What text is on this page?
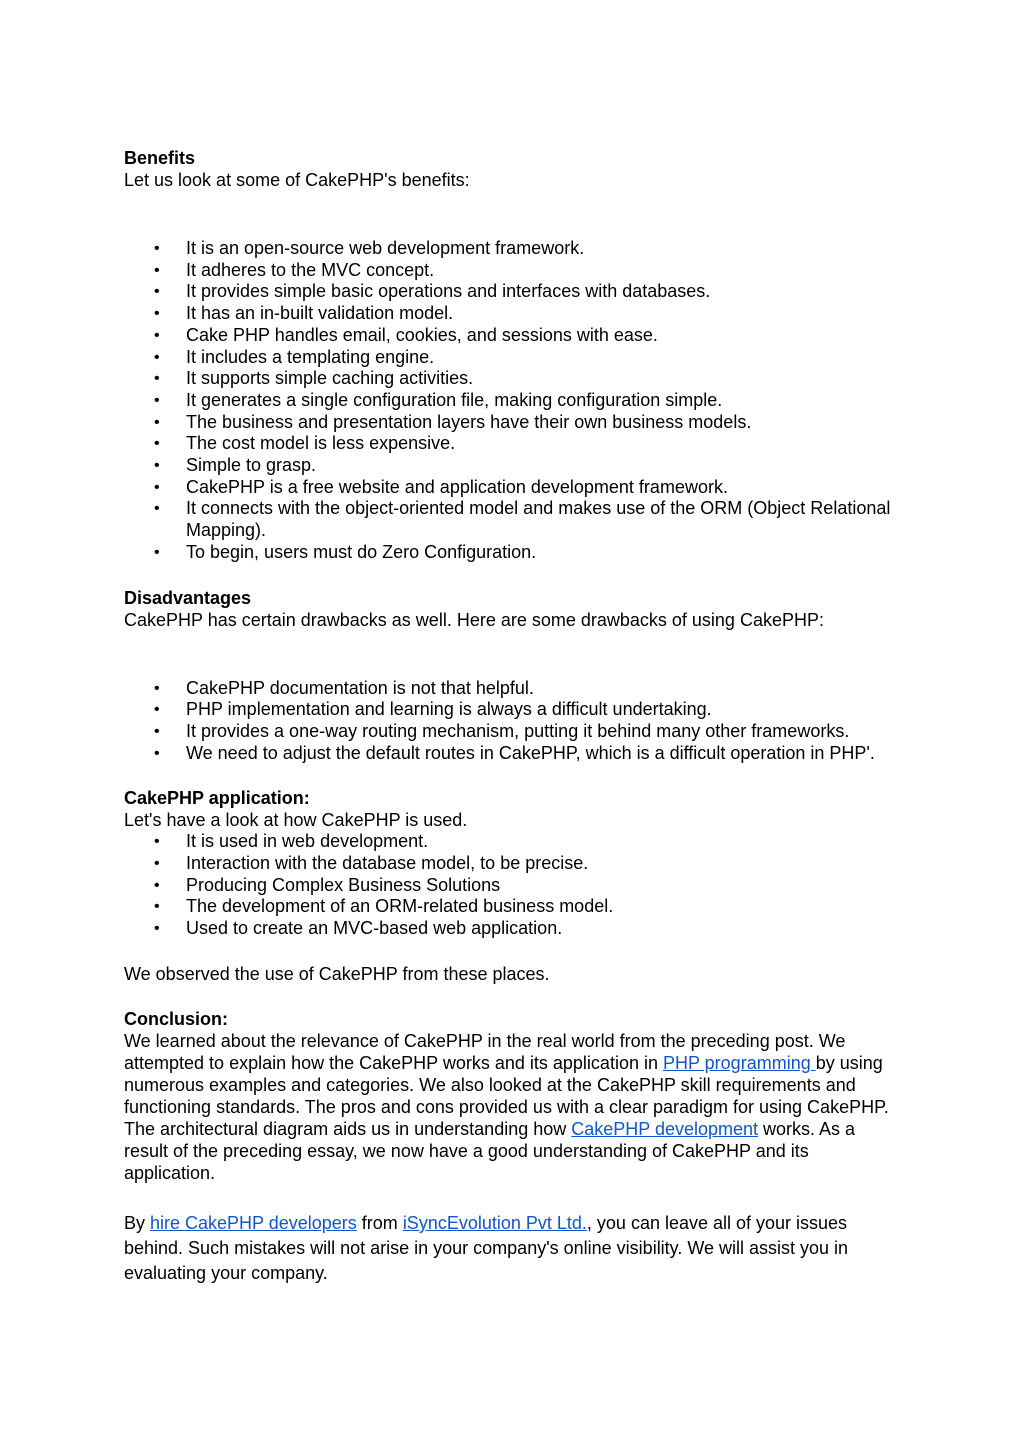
Benefits

Let us look at some of CakePHP's benefits:

• It is an open-source web development framework.
• It adheres to the MVC concept.
• It provides simple basic operations and interfaces with databases.
• It has an in-built validation model.
• Cake PHP handles email, cookies, and sessions with ease.
• It includes a templating engine.
• It supports simple caching activities.
• It generates a single configuration file, making configuration simple.
• The business and presentation layers have their own business models.
• The cost model is less expensive.
• Simple to grasp.
• CakePHP is a free website and application development framework.
• It connects with the object-oriented model and makes use of the ORM (Object Relational Mapping).
• To begin, users must do Zero Configuration.
Disadvantages

CakePHP has certain drawbacks as well. Here are some drawbacks of using CakePHP:

• CakePHP documentation is not that helpful.
• PHP implementation and learning is always a difficult undertaking.
• It provides a one-way routing mechanism, putting it behind many other frameworks.
• We need to adjust the default routes in CakePHP, which is a difficult operation in PHP'.
CakePHP application:

Let's have a look at how CakePHP is used.

• It is used in web development.
• Interaction with the database model, to be precise.
• Producing Complex Business Solutions
• The development of an ORM-related business model.
• Used to create an MVC-based web application.

We observed the use of CakePHP from these places.

Conclusion:

We learned about the relevance of CakePHP in the real world from the preceding post. We attempted to explain how the CakePHP works and its application in PHP programming by using numerous examples and categories. We also looked at the CakePHP skill requirements and functioning standards. The pros and cons provided us with a clear paradigm for using CakePHP. The architectural diagram aids us in understanding how CakePHP development works. As a result of the preceding essay, we now have a good understanding of CakePHP and its application.

By hire CakePHP developers from iSyncEvolution Pvt Ltd., you can leave all of your issues behind. Such mistakes will not arise in your company's online visibility. We will assist you in evaluating your company.
